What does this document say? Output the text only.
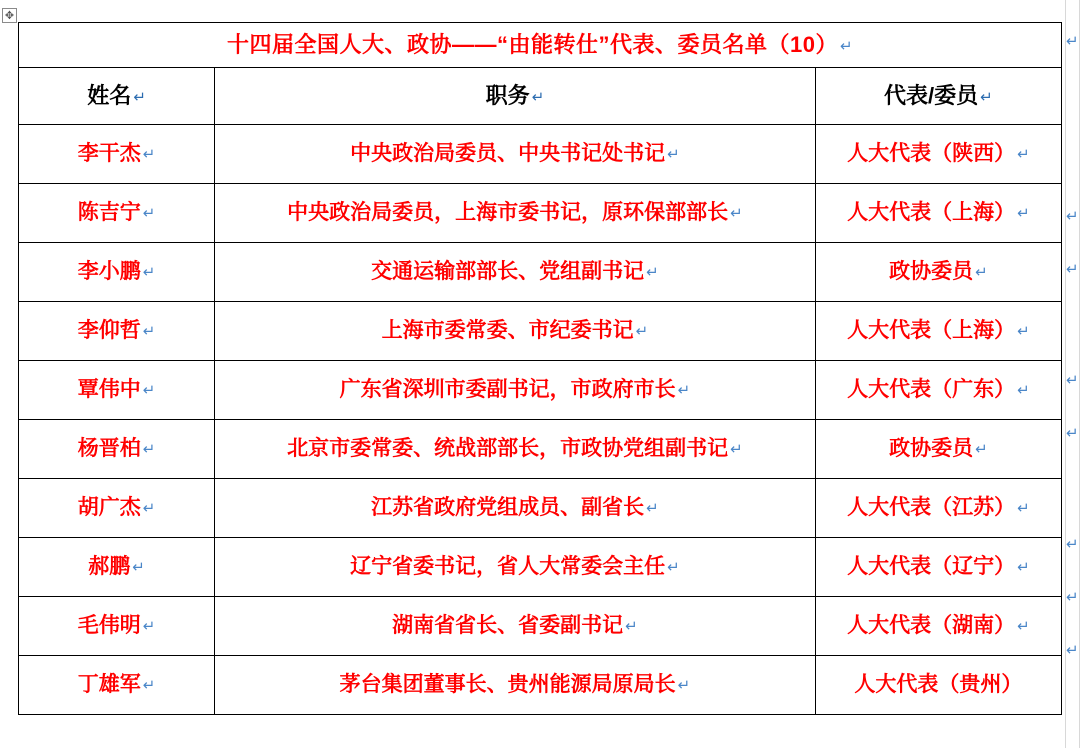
✥
十四届全国人大、政协——“由能转仕”代表、委员名单（10） ↵		
姓名 ↵	职务 ↵	代表/委员 ↵
李干杰 ↵	中央政治局委员、中央书记处书记 ↵	人大代表（陕西） ↵
陈吉宁 ↵	中央政治局委员，上海市委书记，原环保部部长 ↵	人大代表（上海） ↵
李小鹏 ↵	交通运输部部长、党组副书记 ↵	政协委员 ↵
李仰哲 ↵	上海市委常委、市纪委书记 ↵	人大代表（上海） ↵
覃伟中 ↵	广东省深圳市委副书记，市政府市长 ↵	人大代表（广东） ↵
杨晋柏 ↵	北京市委常委、统战部部长，市政协党组副书记 ↵	政协委员 ↵
胡广杰 ↵	江苏省政府党组成员、副省长 ↵	人大代表（江苏） ↵
郝鹏 ↵	辽宁省委书记，省人大常委会主任 ↵	人大代表（辽宁） ↵
毛伟明 ↵	湖南省省长、省委副书记 ↵	人大代表（湖南） ↵
丁雄军 ↵	茅台集团董事长、贵州能源局原局长 ↵	人大代表（贵州）
↵
↵
↵
↵
↵
↵
↵
↵
